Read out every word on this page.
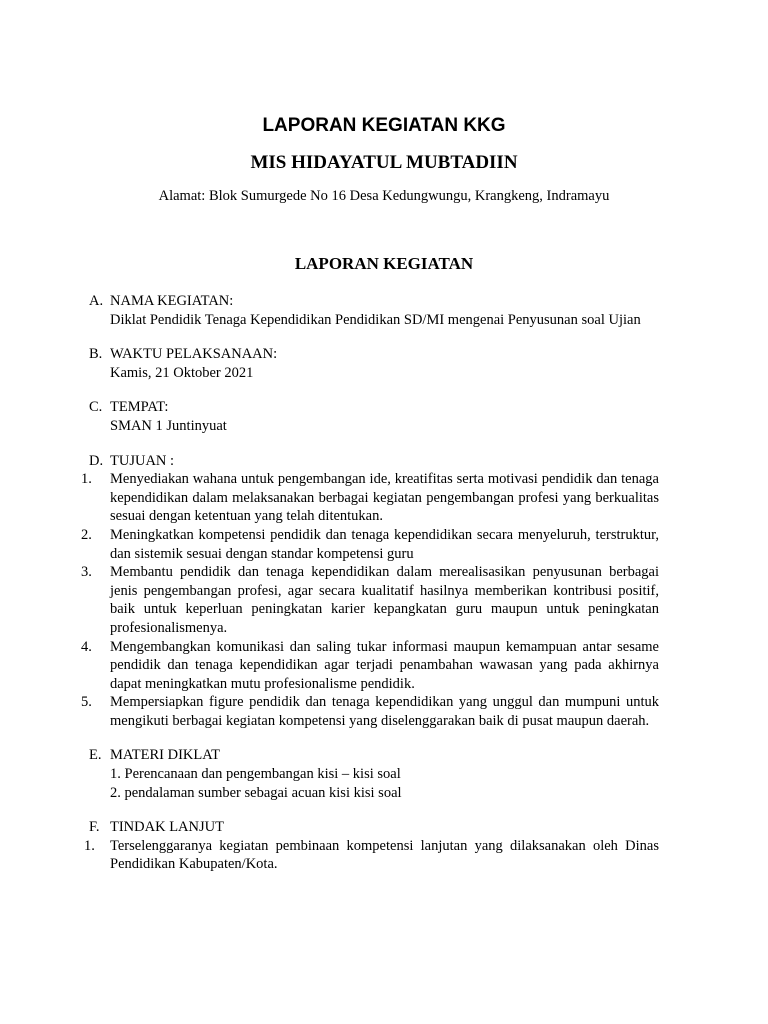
LAPORAN KEGIATAN KKG
MIS HIDAYATUL MUBTADIIN

Alamat: Blok Sumurgede No 16 Desa Kedungwungu, Krangkeng, Indramayu

LAPORAN KEGIATAN
A. NAMA KEGIATAN:
Diklat Pendidik Tenaga Kependidikan Pendidikan SD/MI mengenai Penyusunan soal Ujian
B. WAKTU PELAKSANAAN:
Kamis, 21 Oktober 2021
C. TEMPAT:
SMAN 1 Juntinyuat
D. TUJUAN :
1.	Menyediakan wahana untuk pengembangan ide, kreatifitas serta motivasi pendidik dan tenaga kependidikan dalam melaksanakan berbagai kegiatan pengembangan profesi yang berkualitas sesuai dengan ketentuan yang telah ditentukan.
2.	Meningkatkan kompetensi pendidik dan tenaga kependidikan secara menyeluruh, terstruktur, dan sistemik sesuai dengan standar kompetensi guru
3.	Membantu pendidik dan tenaga kependidikan dalam merealisasikan penyusunan berbagai jenis pengembangan profesi, agar secara kualitatif hasilnya memberikan kontribusi positif, baik untuk keperluan peningkatan karier kepangkatan guru maupun untuk peningkatan profesionalismenya.
4.	Mengembangkan komunikasi dan saling tukar informasi maupun kemampuan antar sesame pendidik dan tenaga kependidikan agar terjadi penambahan wawasan yang pada akhirnya dapat meningkatkan mutu profesionalisme pendidik.
5.	Mempersiapkan figure pendidik dan tenaga kependidikan yang unggul dan mumpuni untuk mengikuti berbagai kegiatan kompetensi yang diselenggarakan baik di pusat maupun daerah.
E. MATERI DIKLAT
1. Perencanaan dan pengembangan kisi – kisi soal
2. pendalaman sumber sebagai acuan kisi kisi soal
F. TINDAK LANJUT
1.	Terselenggaranya kegiatan pembinaan kompetensi lanjutan yang dilaksanakan oleh Dinas Pendidikan Kabupaten/Kota.
